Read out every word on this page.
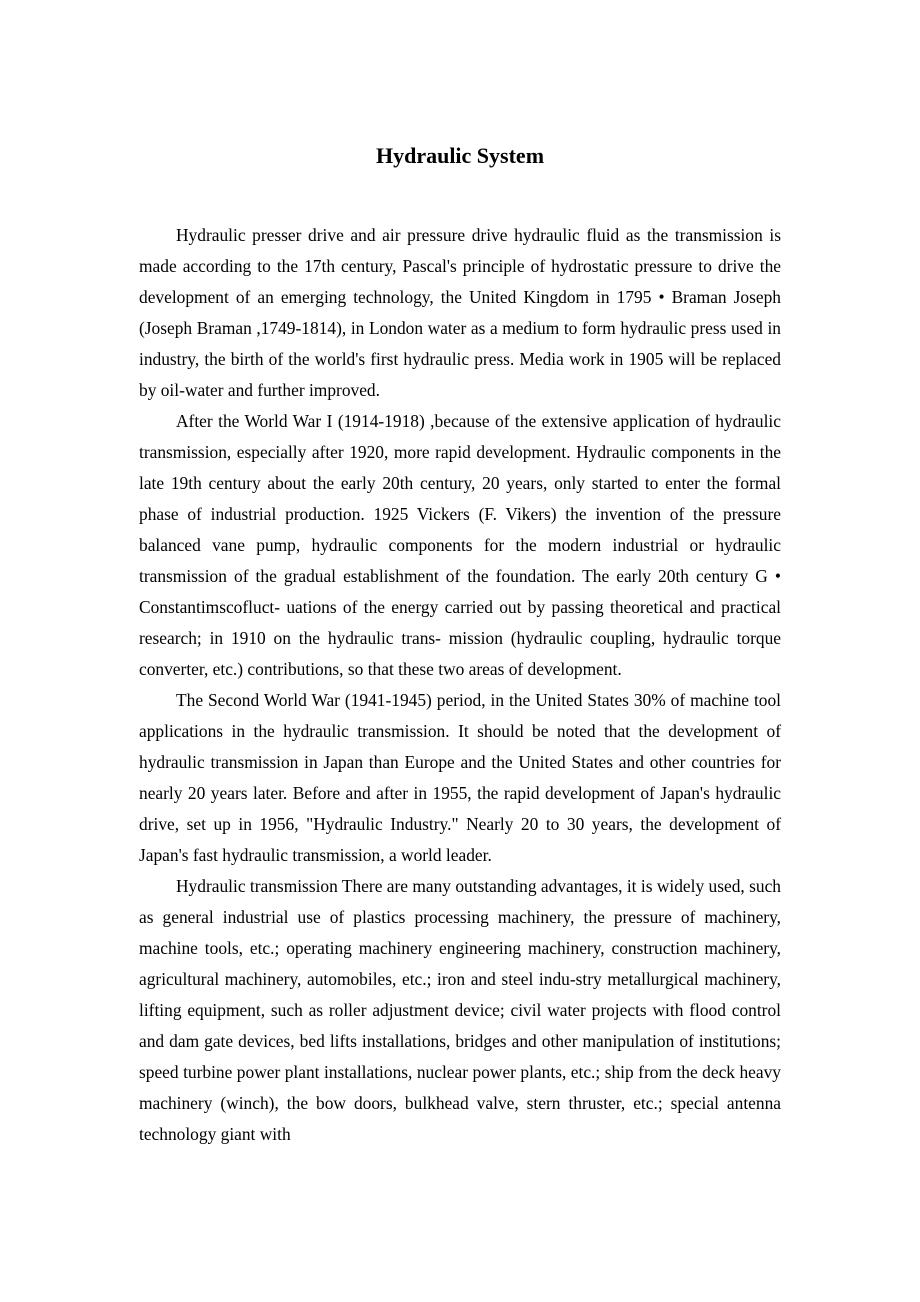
Hydraulic System

Hydraulic presser drive and air pressure drive hydraulic fluid as the transmission is made according to the 17th century, Pascal's principle of hydrostatic pressure to drive the development of an emerging technology, the United Kingdom in 1795 • Braman Joseph (Joseph Braman ,1749-1814), in London water as a medium to form hydraulic press used in industry, the birth of the world's first hydraulic press. Media work in 1905 will be replaced by oil-water and further improved.

After the World War I (1914-1918) ,because of the extensive application of hydraulic transmission, especially after 1920, more rapid development. Hydraulic components in the late 19th century about the early 20th century, 20 years, only started to enter the formal phase of industrial production. 1925 Vickers (F. Vikers) the invention of the pressure balanced vane pump, hydraulic components for the modern industrial or hydraulic transmission of the gradual establishment of the foundation. The early 20th century G • Constantimscofluct- uations of the energy carried out by passing theoretical and practical research; in 1910 on the hydraulic trans- mission (hydraulic coupling, hydraulic torque converter, etc.) contributions, so that these two areas of development.

The Second World War (1941-1945) period, in the United States 30% of machine tool applications in the hydraulic transmission. It should be noted that the development of hydraulic transmission in Japan than Europe and the United States and other countries for nearly 20 years later. Before and after in 1955, the rapid development of Japan's hydraulic drive, set up in 1956, "Hydraulic Industry." Nearly 20 to 30 years, the development of Japan's fast hydraulic transmission, a world leader.

Hydraulic transmission There are many outstanding advantages, it is widely used, such as general industrial use of plastics processing machinery, the pressure of machinery, machine tools, etc.; operating machinery engineering machinery, construction machinery, agricultural machinery, automobiles, etc.; iron and steel indu-stry metallurgical machinery, lifting equipment, such as roller adjustment device; civil water projects with flood control and dam gate devices, bed lifts installations, bridges and other manipulation of institutions; speed turbine power plant installations, nuclear power plants, etc.; ship from the deck heavy machinery (winch), the bow doors, bulkhead valve, stern thruster, etc.; special antenna technology giant with
